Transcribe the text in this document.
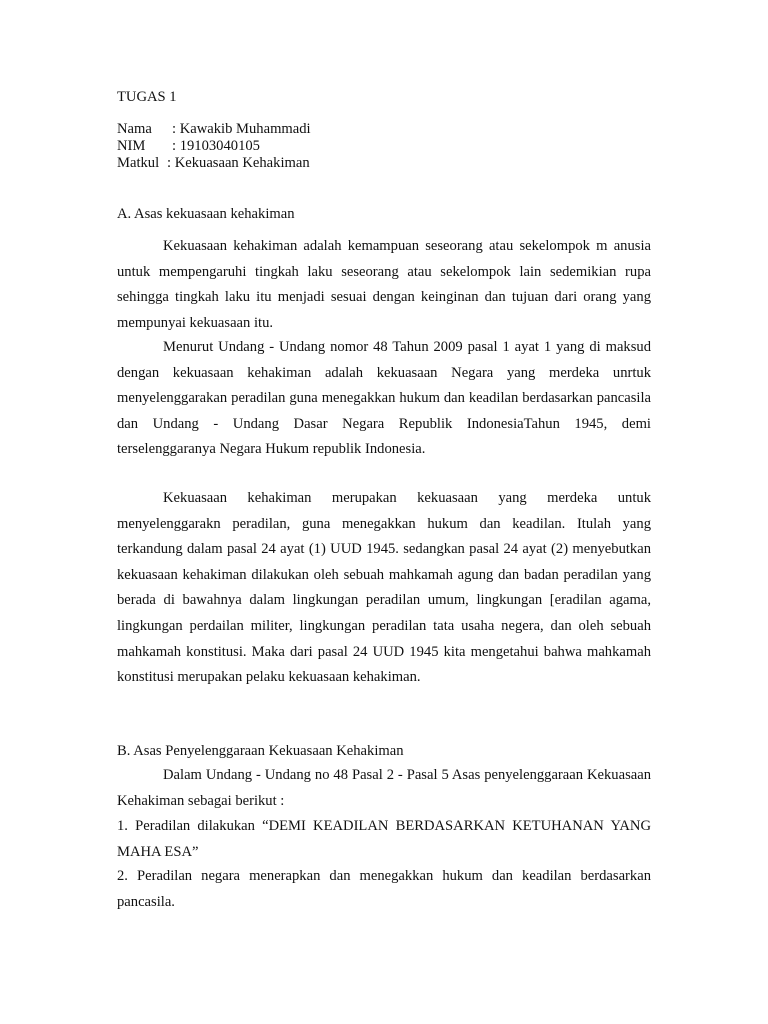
TUGAS 1
Nama	: Kawakib Muhammadi
NIM	: 19103040105
Matkul : Kekuasaan Kehakiman
A. Asas kekuasaan kehakiman

Kekuasaan kehakiman adalah kemampuan seseorang atau sekelompok m anusia untuk mempengaruhi tingkah laku seseorang atau sekelompok lain sedemikian rupa sehingga tingkah laku itu menjadi sesuai dengan keinginan dan tujuan dari orang yang mempunyai kekuasaan itu.

Menurut Undang - Undang nomor 48 Tahun 2009 pasal 1 ayat 1 yang di maksud dengan kekuasaan kehakiman adalah kekuasaan Negara yang merdeka unrtuk menyelenggarakan peradilan guna menegakkan hukum dan keadilan berdasarkan pancasila dan Undang - Undang Dasar Negara Republik IndonesiaTahun 1945, demi terselenggaranya Negara Hukum republik Indonesia.

Kekuasaan kehakiman merupakan kekuasaan yang merdeka untuk menyelenggarakn peradilan, guna menegakkan hukum dan keadilan. Itulah yang terkandung dalam pasal 24 ayat (1) UUD 1945. sedangkan pasal 24 ayat (2) menyebutkan kekuasaan kehakiman dilakukan oleh sebuah mahkamah agung dan badan peradilan yang berada di bawahnya dalam lingkungan peradilan umum, lingkungan [eradilan agama, lingkungan perdailan militer, lingkungan peradilan tata usaha negera, dan oleh sebuah mahkamah konstitusi. Maka dari pasal 24 UUD 1945 kita mengetahui bahwa mahkamah konstitusi merupakan pelaku kekuasaan kehakiman.

B. Asas Penyelenggaraan Kekuasaan Kehakiman

Dalam Undang - Undang no 48 Pasal 2 - Pasal 5 Asas penyelenggaraan Kekuasaan Kehakiman sebagai berikut :

1. Peradilan dilakukan “DEMI KEADILAN BERDASARKAN KETUHANAN YANG MAHA ESA”

2. Peradilan negara menerapkan dan menegakkan hukum dan keadilan berdasarkan pancasila.
